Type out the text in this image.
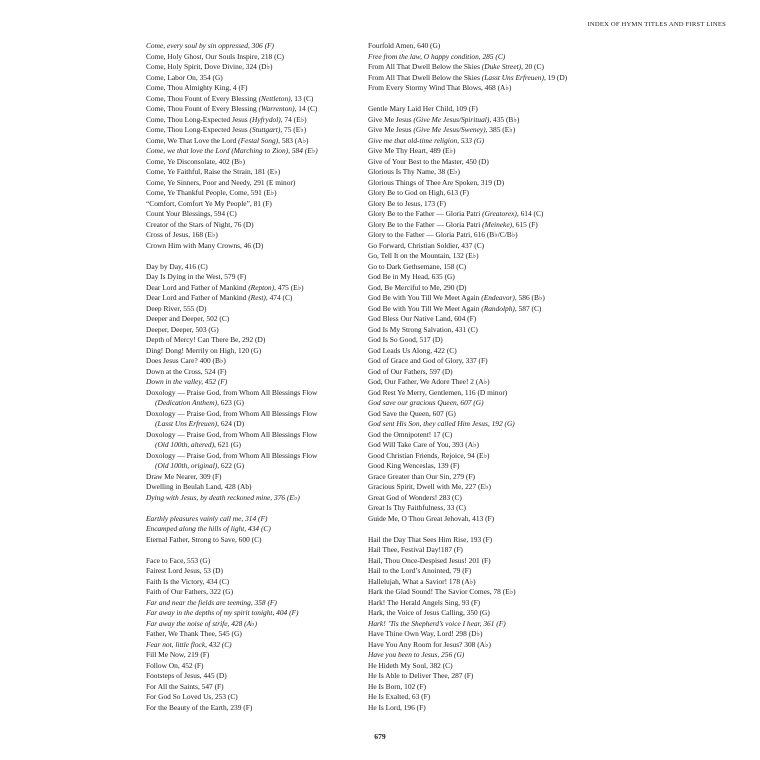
INDEX OF HYMN TITLES AND FIRST LINES
Come, every soul by sin oppressed, 306 (F)
Come, Holy Ghost, Our Souls Inspire, 218 (C)
Come, Holy Spirit, Dove Divine, 324 (D♭)
Come, Labor On, 354 (G)
Come, Thou Almighty King, 4 (F)
Come, Thou Fount of Every Blessing (Nettleton), 13 (C)
Come, Thou Fount of Every Blessing (Warrenton), 14 (C)
Come, Thou Long-Expected Jesus (Hyfrydol), 74 (E♭)
Come, Thou Long-Expected Jesus (Stuttgart), 75 (E♭)
Come, We That Love the Lord (Festal Song), 583 (A♭)
Come, we that love the Lord (Marching to Zion), 584 (E♭)
Come, Ye Disconsolate, 402 (B♭)
Come, Ye Faithful, Raise the Strain, 181 (E♭)
Come, Ye Sinners, Poor and Needy, 291 (E minor)
Come, Ye Thankful People, Come, 591 (E♭)
“Comfort, Comfort Ye My People”, 81 (F)
Count Your Blessings, 594 (C)
Creator of the Stars of Night, 76 (D)
Cross of Jesus, 168 (E♭)
Crown Him with Many Crowns, 46 (D)
Day by Day, 416 (C)
Day Is Dying in the West, 579 (F)
Dear Lord and Father of Mankind (Repton), 475 (E♭)
Dear Lord and Father of Mankind (Rest), 474 (C)
Deep River, 555 (D)
Deeper and Deeper, 502 (C)
Deeper, Deeper, 503 (G)
Depth of Mercy! Can There Be, 292 (D)
Ding! Dong! Merrily on High, 120 (G)
Does Jesus Care? 400 (B♭)
Down at the Cross, 524 (F)
Down in the valley, 452 (F)
Doxology — Praise God, from Whom All Blessings Flow
(Dedication Anthem), 623 (G)
Doxology — Praise God, from Whom All Blessings Flow
(Lasst Uns Erfreuen), 624 (D)
Doxology — Praise God, from Whom All Blessings Flow
(Old 100th, altered), 621 (G)
Doxology — Praise God, from Whom All Blessings Flow
(Old 100th, original), 622 (G)
Draw Me Nearer, 309 (F)
Dwelling in Beulah Land, 428 (Ab)
Dying with Jesus, by death reckoned mine, 376 (E♭)
Earthly pleasures vainly call me, 314 (F)
Encamped along the hills of light, 434 (C)
Eternal Father, Strong to Save, 600 (C)
Face to Face, 553 (G)
Fairest Lord Jesus, 53 (D)
Faith Is the Victory, 434 (C)
Faith of Our Fathers, 322 (G)
Far and near the fields are teeming, 358 (F)
Far away in the depths of my spirit tonight, 404 (F)
Far away the noise of strife, 428 (A♭)
Father, We Thank Thee, 545 (G)
Fear not, little flock, 432 (C)
Fill Me Now, 219 (F)
Follow On, 452 (F)
Footsteps of Jesus, 445 (D)
For All the Saints, 547 (F)
For God So Loved Us, 253 (C)
For the Beauty of the Earth, 239 (F)
Fourfold Amen, 640 (G)
Free from the law, O happy condition, 285 (C)
From All That Dwell Below the Skies (Duke Street), 20 (C)
From All That Dwell Below the Skies (Lasst Uns Erfreuen), 19 (D)
From Every Stormy Wind That Blows, 468 (A♭)
Gentle Mary Laid Her Child, 109 (F)
Give Me Jesus (Give Me Jesus/Spiritual), 435 (B♭)
Give Me Jesus (Give Me Jesus/Sweney), 385 (E♭)
Give me that old-time religion, 533 (G)
Give Me Thy Heart, 489 (E♭)
Give of Your Best to the Master, 450 (D)
Glorious Is Thy Name, 38 (E♭)
Glorious Things of Thee Are Spoken, 319 (D)
Glory Be to God on High, 613 (F)
Glory Be to Jesus, 173 (F)
Glory Be to the Father — Gloria Patri (Greatorex), 614 (C)
Glory Be to the Father — Gloria Patri (Meineke), 615 (F)
Glory to the Father — Gloria Patri, 616 (B♭/C/B♭)
Go Forward, Christian Soldier, 437 (C)
Go, Tell It on the Mountain, 132 (E♭)
Go to Dark Gethsemane, 158 (C)
God Be in My Head, 635 (G)
God, Be Merciful to Me, 290 (D)
God Be with You Till We Meet Again (Endeavor), 586 (B♭)
God Be with You Till We Meet Again (Randolph), 587 (C)
God Bless Our Native Land, 604 (F)
God Is My Strong Salvation, 431 (C)
God Is So Good, 517 (D)
God Leads Us Along, 422 (C)
God of Grace and God of Glory, 337 (F)
God of Our Fathers, 597 (D)
God, Our Father, We Adore Thee! 2 (A♭)
God Rest Ye Merry, Gentlemen, 116 (D minor)
God save our gracious Queen, 607 (G)
God Save the Queen, 607 (G)
God sent His Son, they called Him Jesus, 192 (G)
God the Omnipotent! 17 (C)
God Will Take Care of You, 393 (A♭)
Good Christian Friends, Rejoice, 94 (E♭)
Good King Wenceslas, 139 (F)
Grace Greater than Our Sin, 279 (F)
Gracious Spirit, Dwell with Me, 227 (E♭)
Great God of Wonders! 283 (C)
Great Is Thy Faithfulness, 33 (C)
Guide Me, O Thou Great Jehovah, 413 (F)
Hail the Day That Sees Him Rise, 193 (F)
Hail Thee, Festival Day!187 (F)
Hail, Thou Once-Despised Jesus! 201 (F)
Hail to the Lord’s Anointed, 79 (F)
Hallelujah, What a Savior! 178 (A♭)
Hark the Glad Sound! The Savior Comes, 78 (E♭)
Hark! The Herald Angels Sing, 93 (F)
Hark, the Voice of Jesus Calling, 350 (G)
Hark! ’Tis the Shepherd’s voice I hear, 361 (F)
Have Thine Own Way, Lord! 298 (D♭)
Have You Any Room for Jesus? 308 (A♭)
Have you been to Jesus, 256 (G)
He Hideth My Soul, 382 (C)
He Is Able to Deliver Thee, 287 (F)
He Is Born, 102 (F)
He Is Exalted, 63 (F)
He Is Lord, 196 (F)
679
